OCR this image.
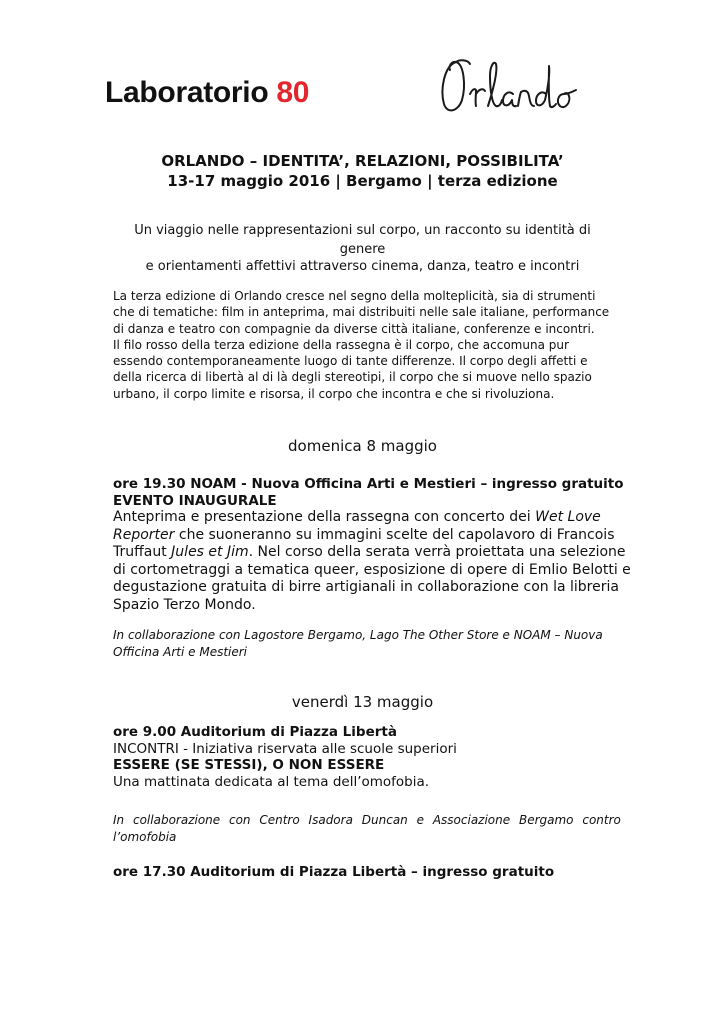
Laboratorio 80
ORLANDO – IDENTITA’, RELAZIONI, POSSIBILITA’
13-17 maggio 2016 | Bergamo | terza edizione
Un viaggio nelle rappresentazioni sul corpo, un racconto su identità di
genere
e orientamenti affettivi attraverso cinema, danza, teatro e incontri
La terza edizione di Orlando cresce nel segno della molteplicità, sia di strumenti
che di tematiche: film in anteprima, mai distribuiti nelle sale italiane, performance
di danza e teatro con compagnie da diverse città italiane, conferenze e incontri.
Il filo rosso della terza edizione della rassegna è il corpo, che accomuna pur
essendo contemporaneamente luogo di tante differenze. Il corpo degli affetti e
della ricerca di libertà al di là degli stereotipi, il corpo che si muove nello spazio
urbano, il corpo limite e risorsa, il corpo che incontra e che si rivoluziona.
domenica 8 maggio
ore 19.30 NOAM - Nuova Officina Arti e Mestieri – ingresso gratuito
EVENTO INAUGURALE
Anteprima e presentazione della rassegna con concerto dei Wet Love
Reporter che suoneranno su immagini scelte del capolavoro di Francois
Truffaut Jules et Jim. Nel corso della serata verrà proiettata una selezione
di cortometraggi a tematica queer, esposizione di opere di Emlio Belotti e
degustazione gratuita di birre artigianali in collaborazione con la libreria
Spazio Terzo Mondo.
In collaborazione con Lagostore Bergamo, Lago The Other Store e NOAM – Nuova
Officina Arti e Mestieri
venerdì 13 maggio
ore 9.00 Auditorium di Piazza Libertà
INCONTRI - Iniziativa riservata alle scuole superiori
ESSERE (SE STESSI), O NON ESSERE
Una mattinata dedicata al tema dell’omofobia.
In collaborazione con Centro Isadora Duncan e Associazione Bergamo contro
l’omofobia
ore 17.30 Auditorium di Piazza Libertà – ingresso gratuito
